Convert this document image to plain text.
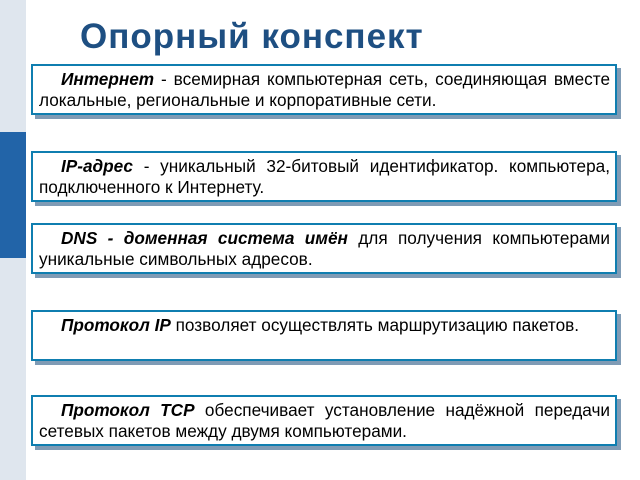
Опорный конспект
Интернет - всемирная компьютерная сеть, соединяющая вместе локальные, региональные и корпоративные сети.
IP-адрес - уникальный 32-битовый идентификатор. компьютера, подключенного к Интернету.
DNS - доменная система имён для получения компьютерами уникальные символьных адресов.
Протокол IP позволяет осуществлять маршрутизацию пакетов.
Протокол TCP обеспечивает установление надёжной передачи сетевых пакетов между двумя компьютерами.
